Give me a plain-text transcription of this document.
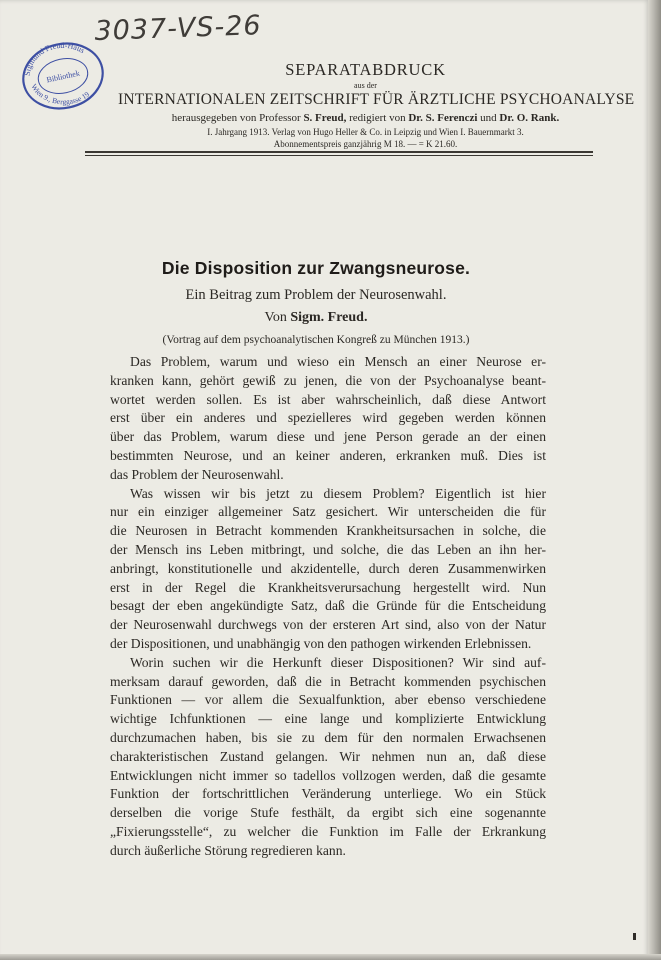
3037-VS-26
Sigmund Freud-Haus
Bibliothek
Wien 9., Berggasse 19

SEPARATABDRUCK

aus der

INTERNATIONALEN ZEITSCHRIFT FÜR ÄRZTLICHE PSYCHOANALYSE

herausgegeben von Professor S. Freud, redigiert von Dr. S. Ferenczi und Dr. O. Rank.

I. Jahrgang 1913. Verlag von Hugo Heller & Co. in Leipzig und Wien I. Bauernmarkt 3.

Abonnementspreis ganzjährig M 18. — = K 21.60.

Die Disposition zur Zwangsneurose.
Ein Beitrag zum Problem der Neurosenwahl.
Von Sigm. Freud.
(Vortrag auf dem psychoanalytischen Kongreß zu München 1913.)
Das Problem, warum und wieso ein Mensch an einer Neurose er-
kranken kann, gehört gewiß zu jenen, die von der Psychoanalyse beant-
wortet werden sollen. Es ist aber wahrscheinlich, daß diese Antwort
erst über ein anderes und spezielleres wird gegeben werden können
über das Problem, warum diese und jene Person gerade an der einen
bestimmten Neurose, und an keiner anderen, erkranken muß. Dies ist
das Problem der Neurosenwahl.
Was wissen wir bis jetzt zu diesem Problem? Eigentlich ist hier
nur ein einziger allgemeiner Satz gesichert. Wir unterscheiden die für
die Neurosen in Betracht kommenden Krankheitsursachen in solche, die
der Mensch ins Leben mitbringt, und solche, die das Leben an ihn her-
anbringt, konstitutionelle und akzidentelle, durch deren Zusammenwirken
erst in der Regel die Krankheitsverursachung hergestellt wird. Nun
besagt der eben angekündigte Satz, daß die Gründe für die Entscheidung
der Neurosenwahl durchwegs von der ersteren Art sind, also von der Natur
der Dispositionen, und unabhängig von den pathogen wirkenden Erlebnissen.
Worin suchen wir die Herkunft dieser Dispositionen? Wir sind auf-
merksam darauf geworden, daß die in Betracht kommenden psychischen
Funktionen — vor allem die Sexualfunktion, aber ebenso verschiedene
wichtige Ichfunktionen — eine lange und komplizierte Entwicklung
durchzumachen haben, bis sie zu dem für den normalen Erwachsenen
charakteristischen Zustand gelangen. Wir nehmen nun an, daß diese
Entwicklungen nicht immer so tadellos vollzogen werden, daß die gesamte
Funktion der fortschrittlichen Veränderung unterliege. Wo ein Stück
derselben die vorige Stufe festhält, da ergibt sich eine sogenannte
„Fixierungsstelle“, zu welcher die Funktion im Falle der Erkrankung
durch äußerliche Störung regredieren kann.
